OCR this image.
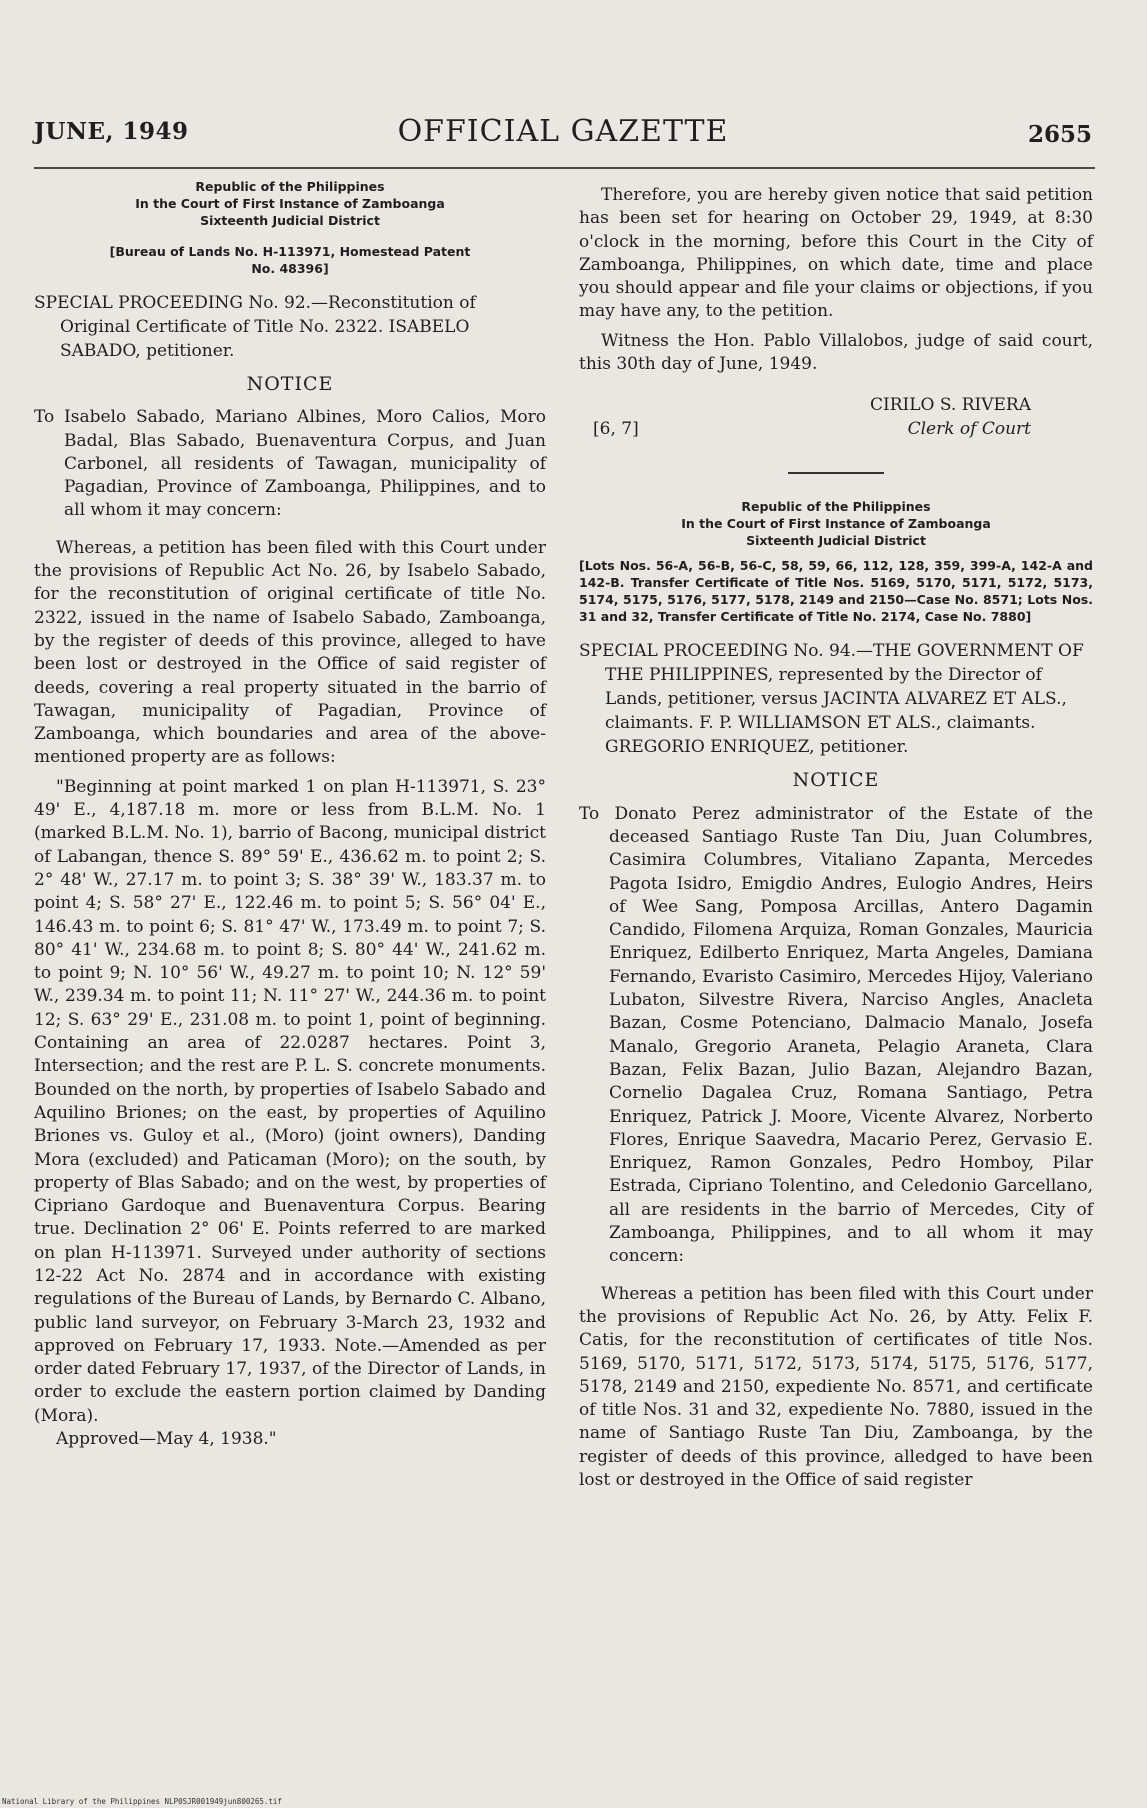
JUNE, 1949	OFFICIAL GAZETTE	2655
Republic of the Philippines
In the Court of First Instance of Zamboanga
Sixteenth Judicial District
[Bureau of Lands No. H-113971, Homestead Patent
No. 48396]
SPECIAL PROCEEDING No. 92.—Reconstitution of Original Certificate of Title No. 2322. ISABELO SABADO, petitioner.
NOTICE
To Isabelo Sabado, Mariano Albines, Moro Calios, Moro Badal, Blas Sabado, Buenaventura Corpus, and Juan Carbonel, all residents of Tawagan, municipality of Pagadian, Province of Zamboanga, Philippines, and to all whom it may concern:
Whereas, a petition has been filed with this Court under the provisions of Republic Act No. 26, by Isabelo Sabado, for the reconstitution of original certificate of title No. 2322, issued in the name of Isabelo Sabado, Zamboanga, by the register of deeds of this province, alleged to have been lost or destroyed in the Office of said register of deeds, covering a real property situated in the barrio of Tawagan, municipality of Pagadian, Province of Zamboanga, which boundaries and area of the above-mentioned property are as follows:
"Beginning at point marked 1 on plan H-113971, S. 23° 49' E., 4,187.18 m. more or less from B.L.M. No. 1 (marked B.L.M. No. 1), barrio of Bacong, municipal district of Labangan, thence S. 89° 59' E., 436.62 m. to point 2; S. 2° 48' W., 27.17 m. to point 3; S. 38° 39' W., 183.37 m. to point 4; S. 58° 27' E., 122.46 m. to point 5; S. 56° 04' E., 146.43 m. to point 6; S. 81° 47' W., 173.49 m. to point 7; S. 80° 41' W., 234.68 m. to point 8; S. 80° 44' W., 241.62 m. to point 9; N. 10° 56' W., 49.27 m. to point 10; N. 12° 59' W., 239.34 m. to point 11; N. 11° 27' W., 244.36 m. to point 12; S. 63° 29' E., 231.08 m. to point 1, point of beginning. Containing an area of 22.0287 hectares. Point 3, Intersection; and the rest are P. L. S. concrete monuments. Bounded on the north, by properties of Isabelo Sabado and Aquilino Briones; on the east, by properties of Aquilino Briones vs. Guloy et al., (Moro) (joint owners), Danding Mora (excluded) and Paticaman (Moro); on the south, by property of Blas Sabado; and on the west, by properties of Cipriano Gardoque and Buenaventura Corpus. Bearing true. Declination 2° 06' E. Points referred to are marked on plan H-113971. Surveyed under authority of sections 12-22 Act No. 2874 and in accordance with existing regulations of the Bureau of Lands, by Bernardo C. Albano, public land surveyor, on February 3-March 23, 1932 and approved on February 17, 1933. Note.—Amended as per order dated February 17, 1937, of the Director of Lands, in order to exclude the eastern portion claimed by Danding (Mora).
Approved—May 4, 1938."
Therefore, you are hereby given notice that said petition has been set for hearing on October 29, 1949, at 8:30 o'clock in the morning, before this Court in the City of Zamboanga, Philippines, on which date, time and place you should appear and file your claims or objections, if you may have any, to the petition.
Witness the Hon. Pablo Villalobos, judge of said court, this 30th day of June, 1949.
[6, 7]
CIRILO S. RIVERA
Clerk of Court
Republic of the Philippines
In the Court of First Instance of Zamboanga
Sixteenth Judicial District
[Lots Nos. 56-A, 56-B, 56-C, 58, 59, 66, 112, 128, 359, 399-A, 142-A and 142-B. Transfer Certificate of Title Nos. 5169, 5170, 5171, 5172, 5173, 5174, 5175, 5176, 5177, 5178, 2149 and 2150—Case No. 8571; Lots Nos. 31 and 32, Transfer Certificate of Title No. 2174, Case No. 7880]
SPECIAL PROCEEDING No. 94.—THE GOVERNMENT OF THE PHILIPPINES, represented by the Director of Lands, petitioner, versus JACINTA ALVAREZ ET ALS., claimants. F. P. WILLIAMSON ET ALS., claimants. GREGORIO ENRIQUEZ, petitioner.
NOTICE
To Donato Perez administrator of the Estate of the deceased Santiago Ruste Tan Diu, Juan Columbres, Casimira Columbres, Vitaliano Zapanta, Mercedes Pagota Isidro, Emigdio Andres, Eulogio Andres, Heirs of Wee Sang, Pomposa Arcillas, Antero Dagamin Candido, Filomena Arquiza, Roman Gonzales, Mauricia Enriquez, Edilberto Enriquez, Marta Angeles, Damiana Fernando, Evaristo Casimiro, Mercedes Hijoy, Valeriano Lubaton, Silvestre Rivera, Narciso Angles, Anacleta Bazan, Cosme Potenciano, Dalmacio Manalo, Josefa Manalo, Gregorio Araneta, Pelagio Araneta, Clara Bazan, Felix Bazan, Julio Bazan, Alejandro Bazan, Cornelio Dagalea Cruz, Romana Santiago, Petra Enriquez, Patrick J. Moore, Vicente Alvarez, Norberto Flores, Enrique Saavedra, Macario Perez, Gervasio E. Enriquez, Ramon Gonzales, Pedro Homboy, Pilar Estrada, Cipriano Tolentino, and Celedonio Garcellano, all are residents in the barrio of Mercedes, City of Zamboanga, Philippines, and to all whom it may concern:
Whereas a petition has been filed with this Court under the provisions of Republic Act No. 26, by Atty. Felix F. Catis, for the reconstitution of certificates of title Nos. 5169, 5170, 5171, 5172, 5173, 5174, 5175, 5176, 5177, 5178, 2149 and 2150, expediente No. 8571, and certificate of title Nos. 31 and 32, expediente No. 7880, issued in the name of Santiago Ruste Tan Diu, Zamboanga, by the register of deeds of this province, alledged to have been lost or destroyed in the Office of said register
National Library of the Philippines NLP0SJR001949jun800265.tif
